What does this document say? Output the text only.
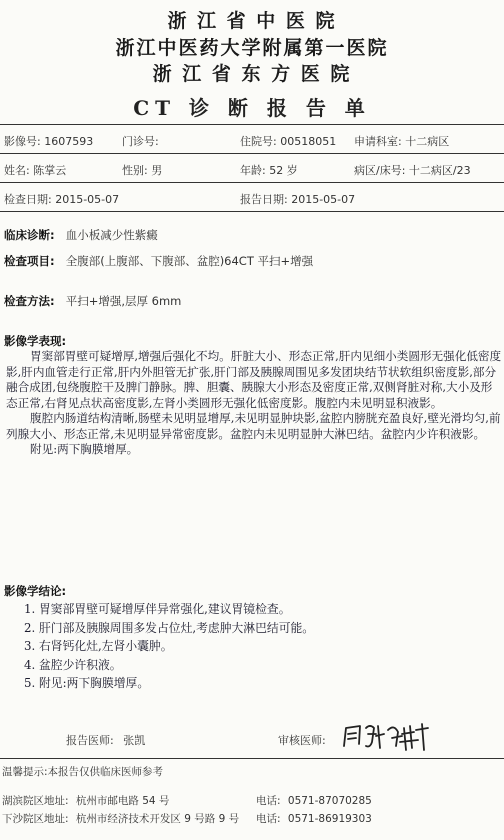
浙 江 省 中 医 院
浙江中医药大学附属第一医院
浙 江 省 东 方 医 院
CT 诊 断 报 告 单
影像号: 1607593	门诊号:	住院号: 00518051 申请科室: 十二病区
姓名: 陈掌云	性别: 男	年龄: 52 岁	病区/床号: 十二病区/23
检查日期: 2015-05-07	报告日期: 2015-05-07
临床诊断: 血小板减少性紫癜
检查项目: 全腹部(上腹部、下腹部、盆腔)64CT 平扫+增强
检查方法: 平扫+增强,层厚 6mm
影像学表现:

胃窦部胃壁可疑增厚,增强后强化不均。肝脏大小、形态正常,肝内见细小类圆形无强化低密度影,肝内血管走行正常,肝内外胆管无扩张,肝门部及胰腺周围见多发团块结节状软组织密度影,部分融合成团,包绕腹腔干及脾门静脉。脾、胆囊、胰腺大小形态及密度正常,双侧肾脏对称,大小及形态正常,右肾见点状高密度影,左肾小类圆形无强化低密度影。腹腔内未见明显积液影。

腹腔内肠道结构清晰,肠壁未见明显增厚,未见明显肿块影,盆腔内膀胱充盈良好,壁光滑均匀,前列腺大小、形态正常,未见明显异常密度影。盆腔内未见明显肿大淋巴结。盆腔内少许积液影。

附见:两下胸膜增厚。

影像学结论:
1. 胃窦部胃壁可疑增厚伴异常强化,建议胃镜检查。
2. 肝门部及胰腺周围多发占位灶,考虑肿大淋巴结可能。
3. 右肾钙化灶,左肾小囊肿。
4. 盆腔少许积液。
5. 附见:两下胸膜增厚。
报告医师: 张凯	审核医师:
温馨提示:本报告仅供临床医师参考
湖滨院区地址: 杭州市邮电路 54 号	电话: 0571-87070285
下沙院区地址: 杭州市经济技术开发区 9 号路 9 号 电话: 0571-86919303
